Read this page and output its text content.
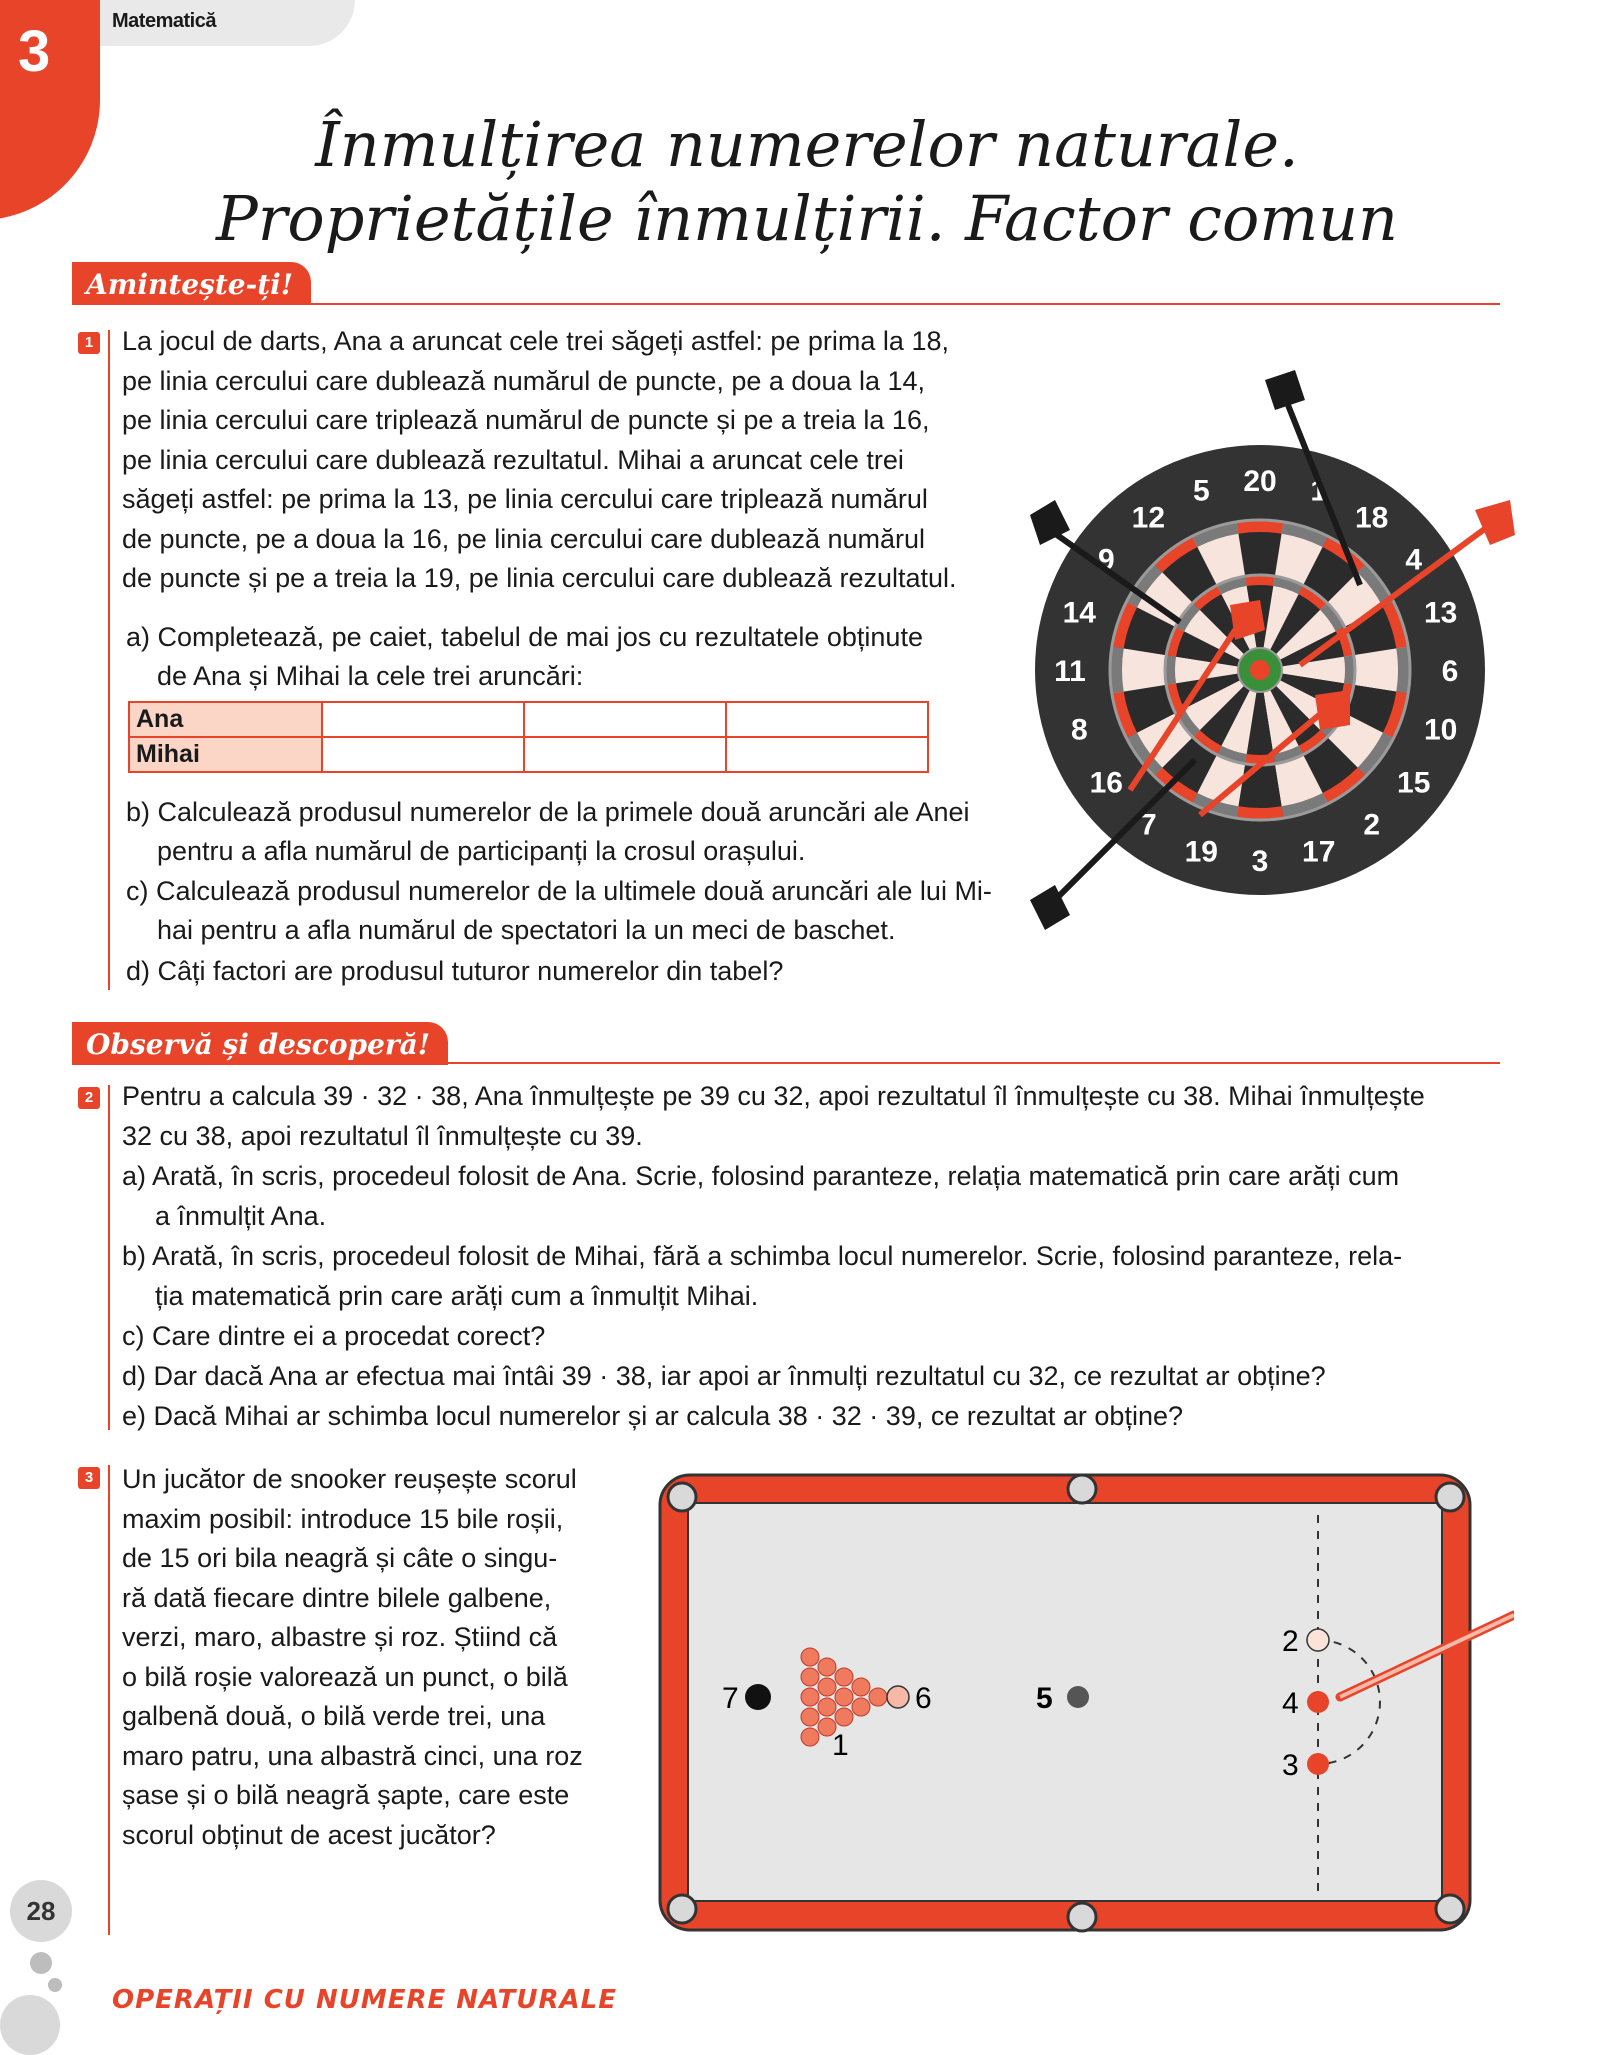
3	Matematică
Înmulțirea numerelor naturale.
Proprietățile înmulțirii. Factor comun
Amintește-ți!
1 La jocul de darts, Ana a aruncat cele trei săgeți astfel: pe prima la 18,
pe linia cercului care dublează numărul de puncte, pe a doua la 14,
pe linia cercului care triplează numărul de puncte și pe a treia la 16,
pe linia cercului care dublează rezultatul. Mihai a aruncat cele trei
săgeți astfel: pe prima la 13, pe linia cercului care triplează numărul
de puncte, pe a doua la 16, pe linia cercului care dublează numărul
de puncte și pe a treia la 19, pe linia cercului care dublează rezultatul.
a) Completează, pe caiet, tabelul de mai jos cu rezultatele obținute
de Ana și Mihai la cele trei aruncări:
Ana			
Mihai			
b) Calculează produsul numerelor de la primele două aruncări ale Anei
pentru a afla numărul de participanți la crosul orașului.
c) Calculează produsul numerelor de la ultimele două aruncări ale lui Mi-
hai pentru a afla numărul de spectatori la un meci de baschet.
d) Câți factori are produsul tuturor numerelor din tabel?
20 1
18
4
13
6
10
15
2
17
3
19
7
16
8
11
14
9
12
5
Observă și descoperă!
2 Pentru a calcula 39 · 32 · 38, Ana înmulțește pe 39 cu 32, apoi rezultatul îl înmulțește cu 38. Mihai înmulțește
32 cu 38, apoi rezultatul îl înmulțește cu 39.
a) Arată, în scris, procedeul folosit de Ana. Scrie, folosind paranteze, relația matematică prin care arăți cum
a înmulțit Ana.
b) Arată, în scris, procedeul folosit de Mihai, fără a schimba locul numerelor. Scrie, folosind paranteze, rela-
ția matematică prin care arăți cum a înmulțit Mihai.
c) Care dintre ei a procedat corect?
d) Dar dacă Ana ar efectua mai întâi 39 · 38, iar apoi ar înmulți rezultatul cu 32, ce rezultat ar obține?
e) Dacă Mihai ar schimba locul numerelor și ar calcula 38 · 32 · 39, ce rezultat ar obține?
3 Un jucător de snooker reușește scorul
maxim posibil: introduce 15 bile roșii,
de 15 ori bila neagră și câte o singu-
ră dată fiecare dintre bilele galbene,
verzi, maro, albastre și roz. Știind că
o bilă roșie valorează un punct, o bilă
galbenă două, o bilă verde trei, una
maro patru, una albastră cinci, una roz
șase și o bilă neagră șapte, care este
scorul obținut de acest jucător?
7	6
1
5
2
4
3
28
OPERAȚII CU NUMERE NATURALE
